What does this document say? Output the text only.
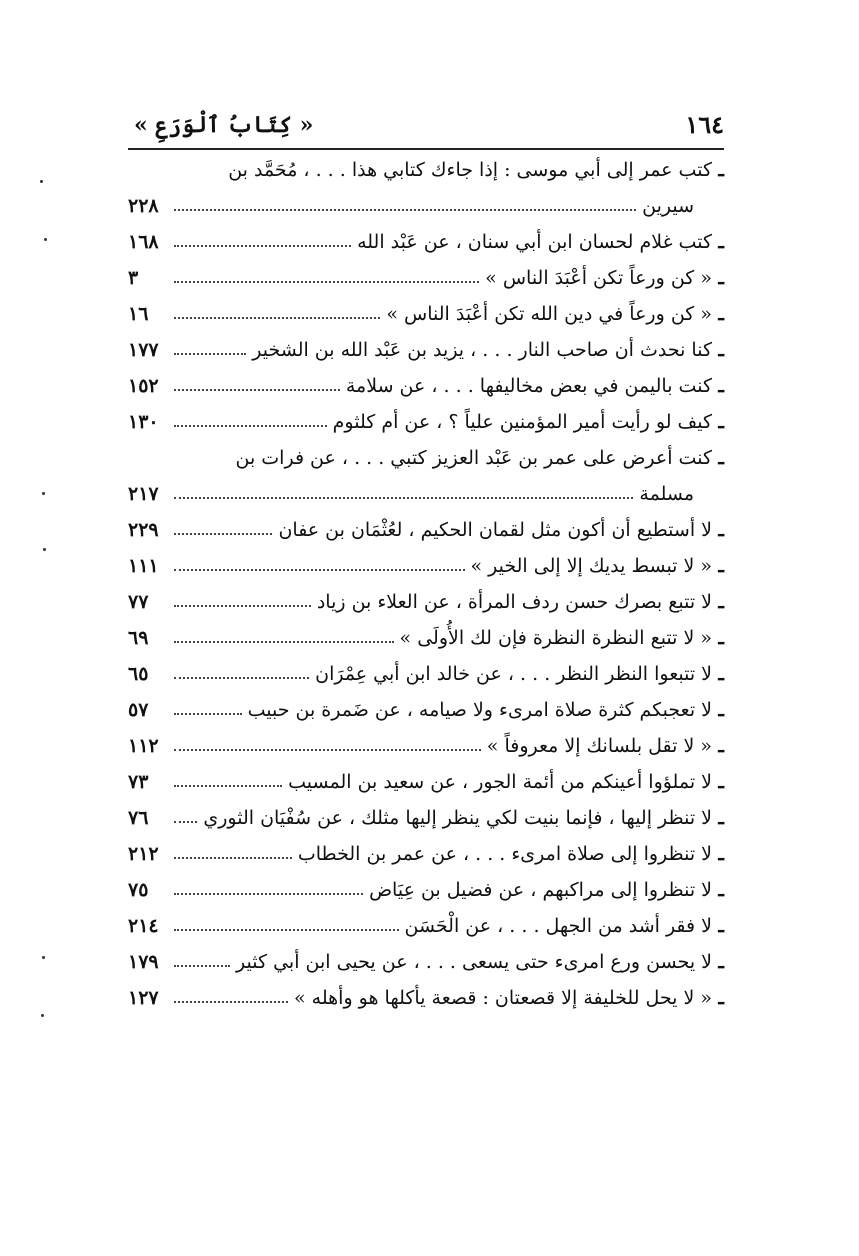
١٦٤
« كِتَابُ ٱلْوَرَعِ »
ـ
كتب عمر إلى أبي موسى : إذا جاءك كتابي هذا . . . ، مُحَمَّد بن
سيرين
٢٢٨
ـ
كتب غلام لحسان ابن أبي سنان ، عن عَبْد الله
١٦٨
ـ
« كن ورعاً تكن أعْبَدَ الناس »
٣
ـ
« كن ورعاً في دين الله تكن أعْبَدَ الناس »
١٦
ـ
كنا نحدث أن صاحب النار . . . ، يزيد بن عَبْد الله بن الشخير
١٧٧
ـ
كنت باليمن في بعض مخاليفها . . . ، عن سلامة
١٥٢
ـ
كيف لو رأيت أمير المؤمنين علياً ؟ ، عن أم كلثوم
١٣٠
ـ
كنت أعرض على عمر بن عَبْد العزيز كتبي . . . ، عن فرات بن
مسلمة
٢١٧
ـ
لا أستطيع أن أكون مثل لقمان الحكيم ، لعُثْمَان بن عفان
٢٢٩
ـ
« لا تبسط يديك إلا إلى الخير »
١١١
ـ
لا تتبع بصرك حسن ردف المرأة ، عن العلاء بن زياد
٧٧
ـ
« لا تتبع النظرة النظرة فإن لك الأُولَى »
٦٩
ـ
لا تتبعوا النظر النظر . . . ، عن خالد ابن أبي عِمْرَان
٦٥
ـ
لا تعجبكم كثرة صلاة امرىء ولا صيامه ، عن ضَمرة بن حبيب
٥٧
ـ
« لا تقل بلسانك إلا معروفاً »
١١٢
ـ
لا تملؤوا أعينكم من أئمة الجور ، عن سعيد بن المسيب
٧٣
ـ
لا تنظر إليها ، فإنما بنيت لكي ينظر إليها مثلك ، عن سُفْيَان الثوري
٧٦
ـ
لا تنظروا إلى صلاة امرىء . . . ، عن عمر بن الخطاب
٢١٢
ـ
لا تنظروا إلى مراكبهم ، عن فضيل بن عِيَاض
٧٥
ـ
لا فقر أشد من الجهل . . . ، عن الْحَسَن
٢١٤
ـ
لا يحسن ورع امرىء حتى يسعى . . . ، عن يحيى ابن أبي كثير
١٧٩
ـ
« لا يحل للخليفة إلا قصعتان : قصعة يأكلها هو وأهله »
١٢٧
